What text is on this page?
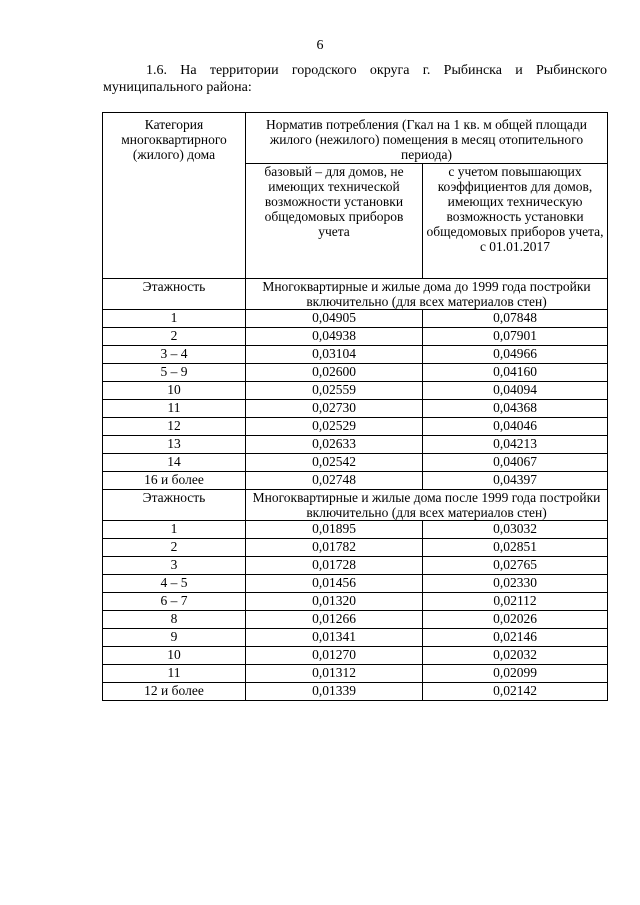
6

1.6. На территории городского округа г. Рыбинска и Рыбинского муниципального района:

Категория многоквартирного (жилого) дома	Норматив потребления (Гкал на 1 кв. м общей площади жилого (нежилого) помещения в месяц отопительного периода)	
	базовый – для домов, не имеющих технической возможности установки общедомовых приборов учета	с учетом повышающих коэффициентов для домов, имеющих техническую возможность установки общедомовых приборов учета, с 01.01.2017
Этажность	Многоквартирные и жилые дома до 1999 года постройки включительно (для всех материалов стен)	
1	0,04905	0,07848
2	0,04938	0,07901
3 – 4	0,03104	0,04966
5 – 9	0,02600	0,04160
10	0,02559	0,04094
11	0,02730	0,04368
12	0,02529	0,04046
13	0,02633	0,04213
14	0,02542	0,04067
16 и более	0,02748	0,04397
Этажность	Многоквартирные и жилые дома после 1999 года постройки включительно (для всех материалов стен)	
1	0,01895	0,03032
2	0,01782	0,02851
3	0,01728	0,02765
4 – 5	0,01456	0,02330
6 – 7	0,01320	0,02112
8	0,01266	0,02026
9	0,01341	0,02146
10	0,01270	0,02032
11	0,01312	0,02099
12 и более	0,01339	0,02142
